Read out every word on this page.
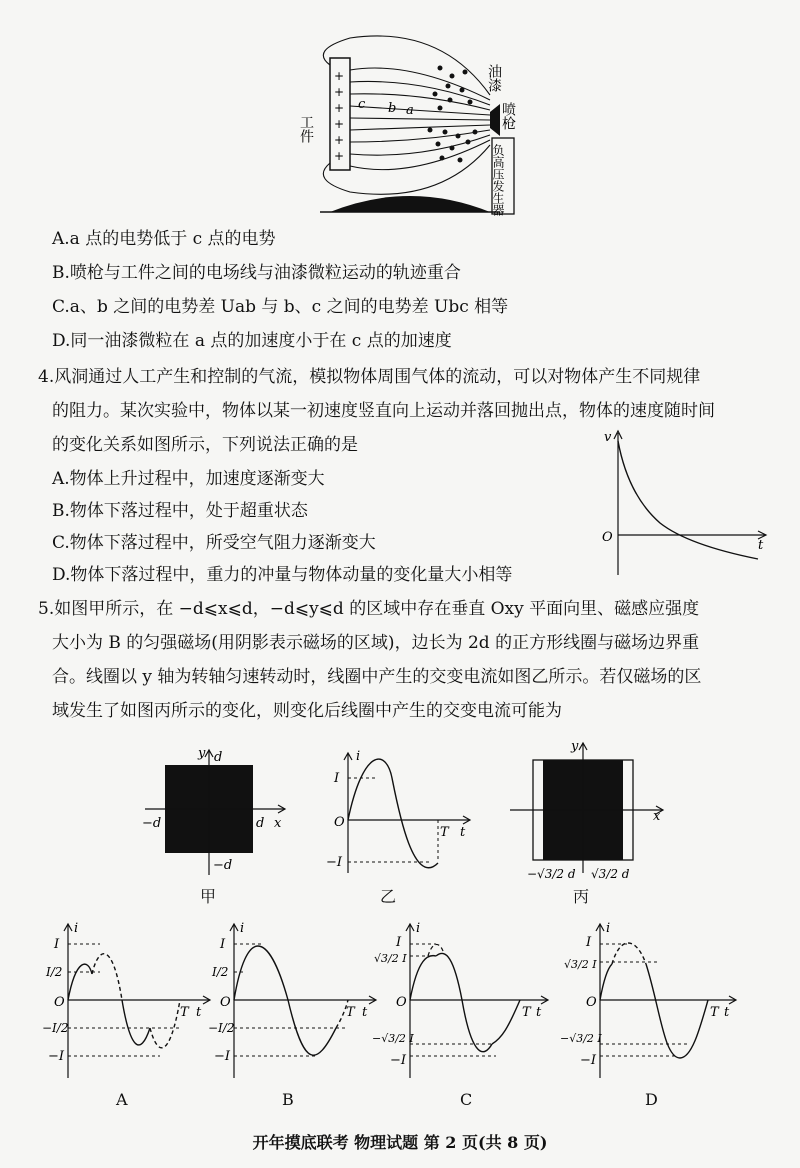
+
+
+
+
+
+
工件
c b a
油漆
喷枪
负高压发生器
A.a 点的电势低于 c 点的电势
B.喷枪与工件之间的电场线与油漆微粒运动的轨迹重合
C.a、b 之间的电势差 Uab 与 b、c 之间的电势差 Ubc 相等
D.同一油漆微粒在 a 点的加速度小于在 c 点的加速度
4.风洞通过人工产生和控制的气流，模拟物体周围气体的流动，可以对物体产生不同规律
的阻力。某次实验中，物体以某一初速度竖直向上运动并落回抛出点，物体的速度随时间
的变化关系如图所示，下列说法正确的是
A.物体上升过程中，加速度逐渐变大
B.物体下落过程中，处于超重状态
C.物体下落过程中，所受空气阻力逐渐变大
D.物体下落过程中，重力的冲量与物体动量的变化量大小相等
v
t
O
5.如图甲所示，在 −d⩽x⩽d，−d⩽y⩽d 的区域中存在垂直 Oxy 平面向里、磁感应强度
大小为 B 的匀强磁场(用阴影表示磁场的区域)，边长为 2d 的正方形线圈与磁场边界重
合。线圈以 y 轴为转轴匀速转动时，线圈中产生的交变电流如图乙所示。若仅磁场的区
域发生了如图丙所示的变化，则变化后线圈中产生的交变电流可能为
x
y d
d
−d
−d
甲
i
I
−I
O
T t
乙
x
y
−√3/2 d √3/2 d
丙
i
I
I/2
O
−I/2
−I
T t
A
i
I
I/2
O
−I/2
−I
T t
B
i
I
√3/2 I
O
−√3/2 I
−I
T t
C
i
I
√3/2 I
O
−√3/2 I
−I
T t
D
开年摸底联考 物理试题 第 2 页(共 8 页)
